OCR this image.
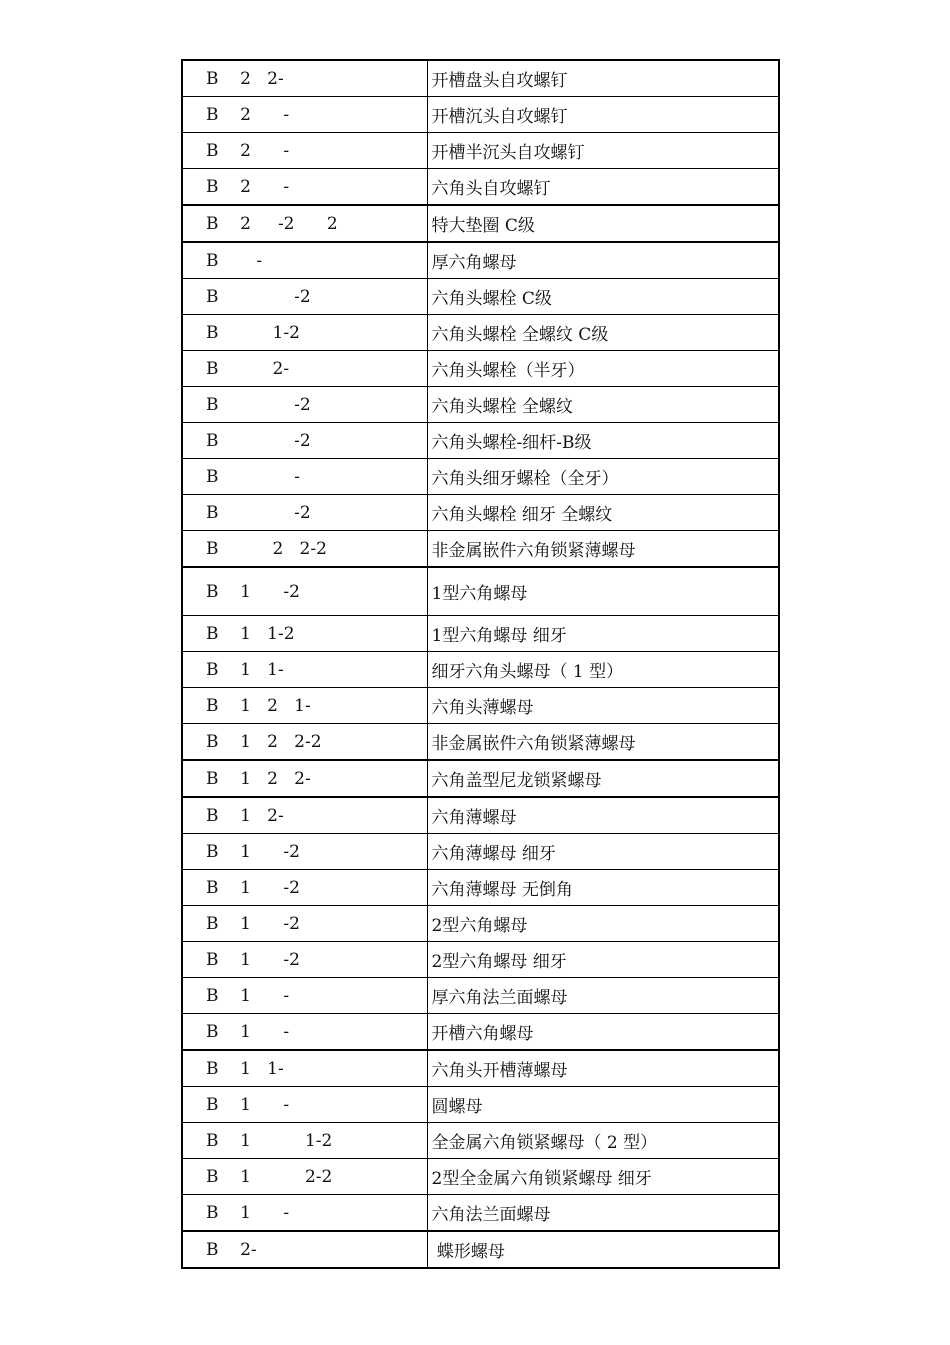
B    2   2-	开槽盘头自攻螺钉
B    2      -	开槽沉头自攻螺钉
B    2      -	开槽半沉头自攻螺钉
B    2      -	六角头自攻螺钉
B    2     -2      2	特大垫圈 C级
B       -	厚六角螺母
B              -2	六角头螺栓 C级
B          1-2	六角头螺栓 全螺纹 C级
B          2-	六角头螺栓（半牙）
B              -2	六角头螺栓 全螺纹
B              -2	六角头螺栓-细杆-B级
B              -	六角头细牙螺栓（全牙）
B              -2	六角头螺栓 细牙 全螺纹
B          2   2-2	非金属嵌件六角锁紧薄螺母
B    1      -2	1型六角螺母
B    1   1-2	1型六角螺母 细牙
B    1   1-	细牙六角头螺母（ 1 型）
B    1   2   1-	六角头薄螺母
B    1   2   2-2	非金属嵌件六角锁紧薄螺母
B    1   2   2-	六角盖型尼龙锁紧螺母
B    1   2-	六角薄螺母
B    1      -2	六角薄螺母 细牙
B    1      -2	六角薄螺母 无倒角
B    1      -2	2型六角螺母
B    1      -2	2型六角螺母 细牙
B    1      -	厚六角法兰面螺母
B    1      -	开槽六角螺母
B    1   1-	六角头开槽薄螺母
B    1      -	圆螺母
B    1          1-2	全金属六角锁紧螺母（ 2 型）
B    1          2-2	2型全金属六角锁紧螺母 细牙
B    1      -	六角法兰面螺母
B    2-	蝶形螺母
